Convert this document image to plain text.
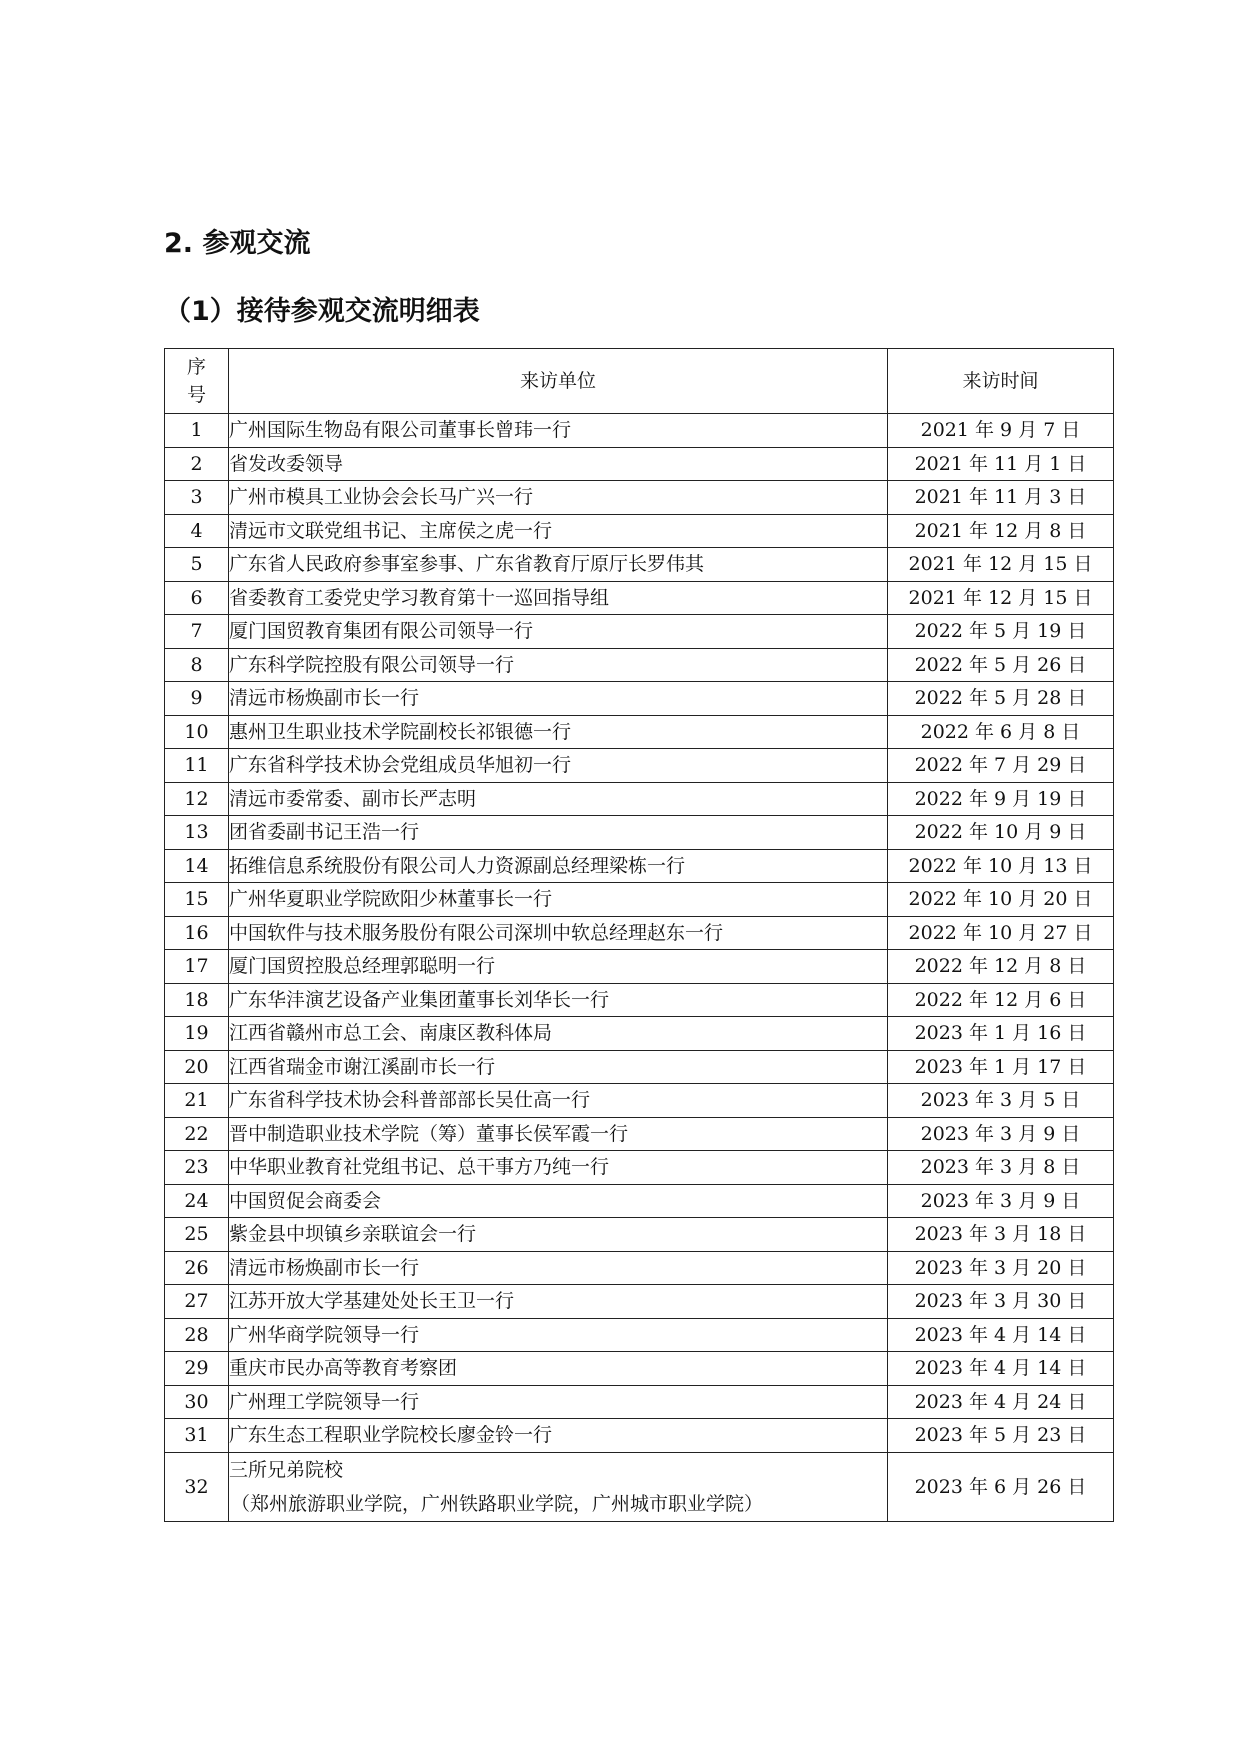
2. 参观交流
（1）接待参观交流明细表
序号	来访单位	来访时间
1	广州国际生物岛有限公司董事长曾玮一行	2021 年 9 月 7 日
2	省发改委领导	2021 年 11 月 1 日
3	广州市模具工业协会会长马广兴一行	2021 年 11 月 3 日
4	清远市文联党组书记、主席侯之虎一行	2021 年 12 月 8 日
5	广东省人民政府参事室参事、广东省教育厅原厅长罗伟其	2021 年 12 月 15 日
6	省委教育工委党史学习教育第十一巡回指导组	2021 年 12 月 15 日
7	厦门国贸教育集团有限公司领导一行	2022 年 5 月 19 日
8	广东科学院控股有限公司领导一行	2022 年 5 月 26 日
9	清远市杨焕副市长一行	2022 年 5 月 28 日
10	惠州卫生职业技术学院副校长祁银德一行	2022 年 6 月 8 日
11	广东省科学技术协会党组成员华旭初一行	2022 年 7 月 29 日
12	清远市委常委、副市长严志明	2022 年 9 月 19 日
13	团省委副书记王浩一行	2022 年 10 月 9 日
14	拓维信息系统股份有限公司人力资源副总经理梁栋一行	2022 年 10 月 13 日
15	广州华夏职业学院欧阳少林董事长一行	2022 年 10 月 20 日
16	中国软件与技术服务股份有限公司深圳中软总经理赵东一行	2022 年 10 月 27 日
17	厦门国贸控股总经理郭聪明一行	2022 年 12 月 8 日
18	广东华沣演艺设备产业集团董事长刘华长一行	2022 年 12 月 6 日
19	江西省赣州市总工会、南康区教科体局	2023 年 1 月 16 日
20	江西省瑞金市谢江溪副市长一行	2023 年 1 月 17 日
21	广东省科学技术协会科普部部长吴仕高一行	2023 年 3 月 5 日
22	晋中制造职业技术学院（筹）董事长侯军霞一行	2023 年 3 月 9 日
23	中华职业教育社党组书记、总干事方乃纯一行	2023 年 3 月 8 日
24	中国贸促会商委会	2023 年 3 月 9 日
25	紫金县中坝镇乡亲联谊会一行	2023 年 3 月 18 日
26	清远市杨焕副市长一行	2023 年 3 月 20 日
27	江苏开放大学基建处处长王卫一行	2023 年 3 月 30 日
28	广州华商学院领导一行	2023 年 4 月 14 日
29	重庆市民办高等教育考察团	2023 年 4 月 14 日
30	广州理工学院领导一行	2023 年 4 月 24 日
31	广东生态工程职业学院校长廖金铃一行	2023 年 5 月 23 日
32	三所兄弟院校
（郑州旅游职业学院，广州铁路职业学院，广州城市职业学院）	2023 年 6 月 26 日
